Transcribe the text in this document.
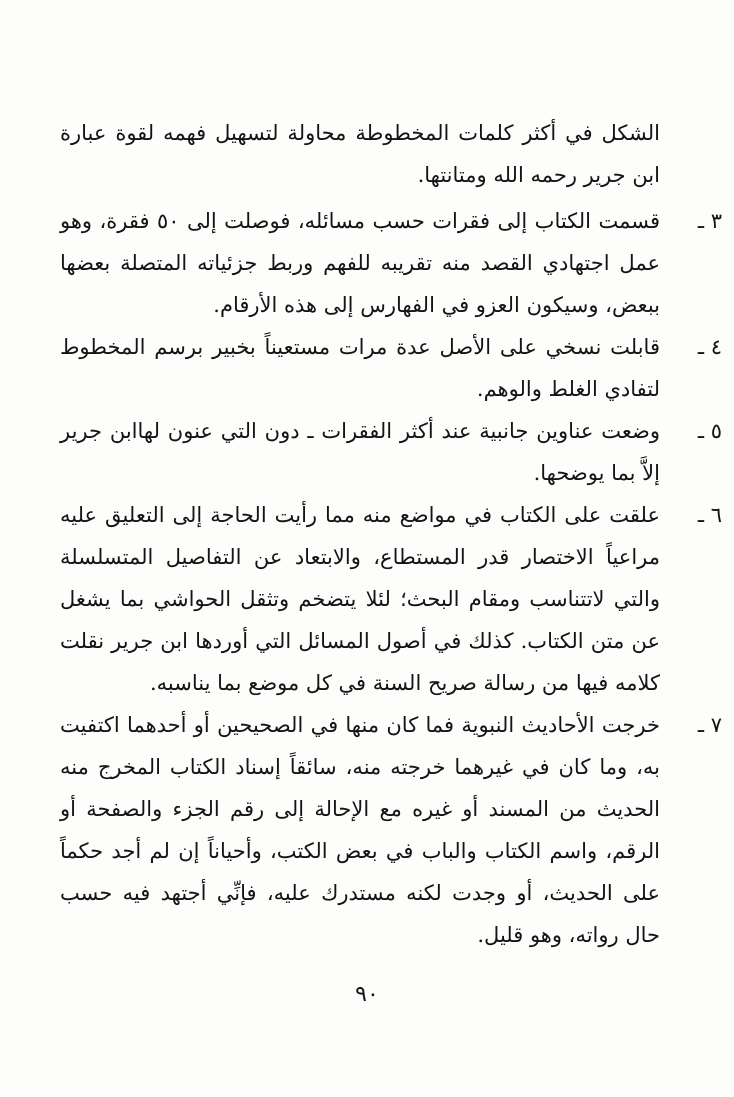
الشكل في أكثر كلمات المخطوطة محاولة لتسهيل فهمه لقوة عبارة ابن جرير رحمه الله ومتانتها.

٣ ـ

قسمت الكتاب إلى فقرات حسب مسائله، فوصلت إلى ٥٠ فقرة، وهو عمل اجتهادي القصد منه تقريبه للفهم وربط جزئياته المتصلة بعضها ببعض، وسيكون العزو في الفهارس إلى هذه الأرقام.

٤ ـ

قابلت نسخي على الأصل عدة مرات مستعيناً بخبير برسم المخطوط لتفادي الغلط والوهم.

٥ ـ

وضعت عناوين جانبية عند أكثر الفقرات ـ دون التي عنون لهاابن جرير إلاَّ بما يوضحها.

٦ ـ

علقت على الكتاب في مواضع منه مما رأيت الحاجة إلى التعليق عليه مراعياً الاختصار قدر المستطاع، والابتعاد عن التفاصيل المتسلسلة والتي لاتتناسب ومقام البحث؛ لئلا يتضخم وتثقل الحواشي بما يشغل عن متن الكتاب. كذلك في أصول المسائل التي أوردها ابن جرير نقلت كلامه فيها من رسالة صريح السنة في كل موضع بما يناسبه.

٧ ـ

خرجت الأحاديث النبوية فما كان منها في الصحيحين أو أحدهما اكتفيت به، وما كان في غيرهما خرجته منه، سائقاً إسناد الكتاب المخرج منه الحديث من المسند أو غيره مع الإحالة إلى رقم الجزء والصفحة أو الرقم، واسم الكتاب والباب في بعض الكتب، وأحياناً إن لم أجد حكماً على الحديث، أو وجدت لكنه مستدرك عليه، فإنِّي أجتهد فيه حسب حال رواته، وهو قليل.

٩٠
